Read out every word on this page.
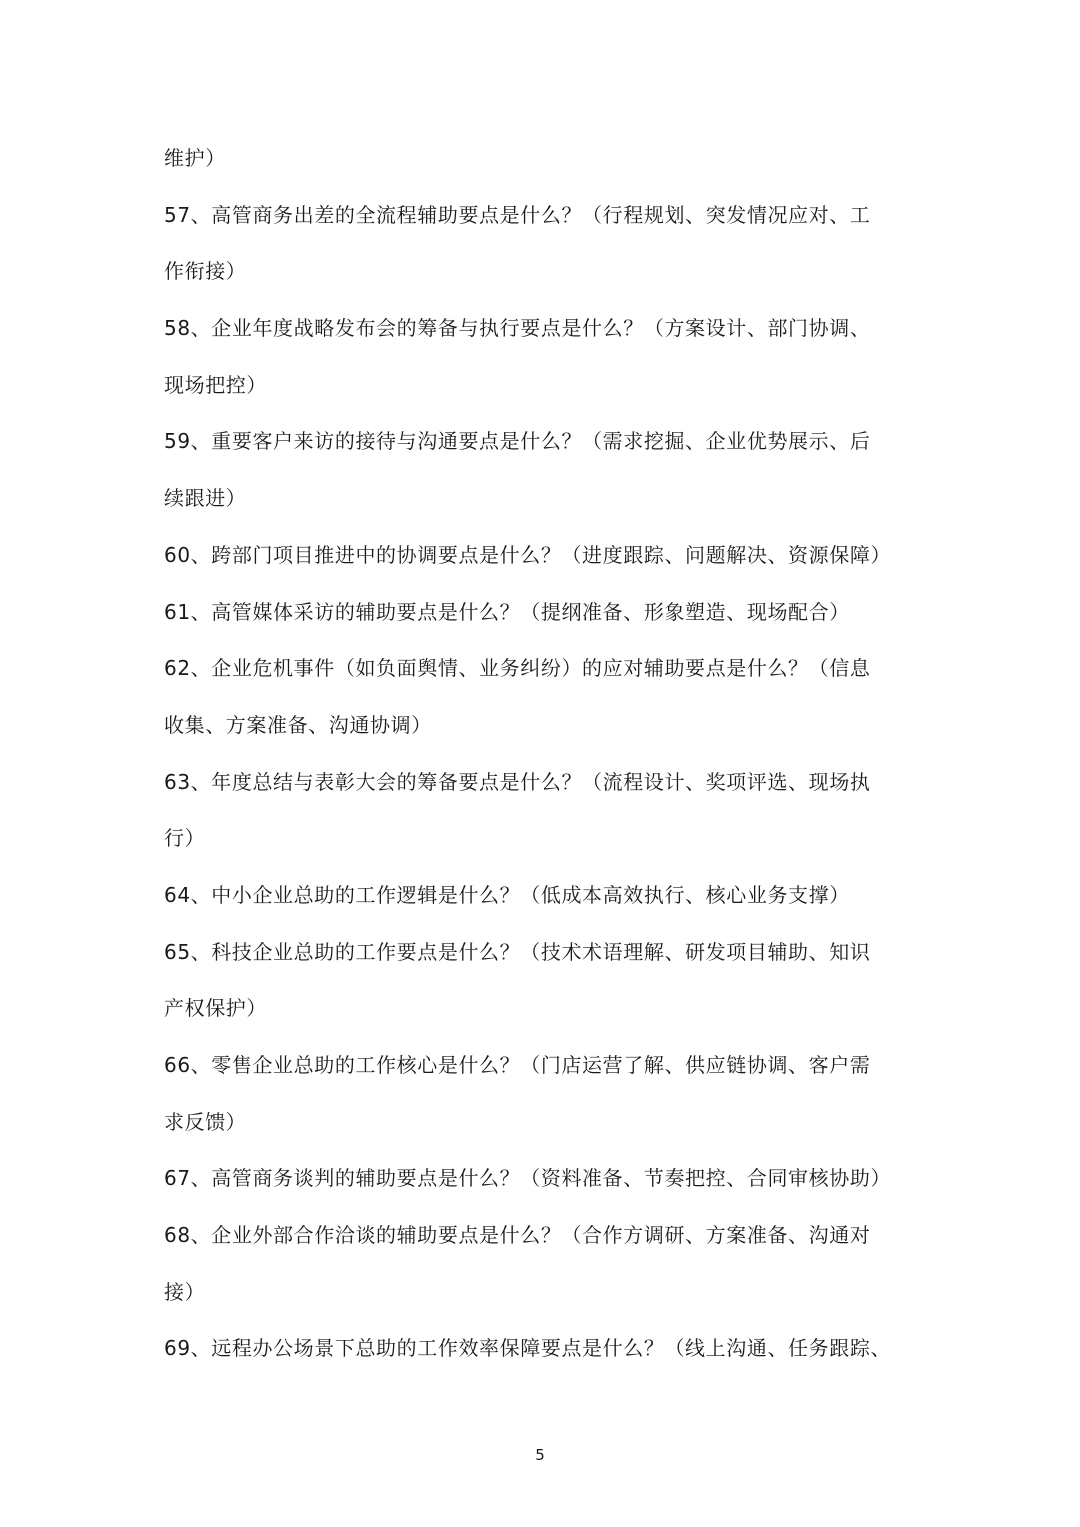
维护）
57、高管商务出差的全流程辅助要点是什么？（行程规划、突发情况应对、工
作衔接）
58、企业年度战略发布会的筹备与执行要点是什么？（方案设计、部门协调、
现场把控）
59、重要客户来访的接待与沟通要点是什么？（需求挖掘、企业优势展示、后
续跟进）
60、跨部门项目推进中的协调要点是什么？（进度跟踪、问题解决、资源保障）
61、高管媒体采访的辅助要点是什么？（提纲准备、形象塑造、现场配合）
62、企业危机事件（如负面舆情、业务纠纷）的应对辅助要点是什么？（信息
收集、方案准备、沟通协调）
63、年度总结与表彰大会的筹备要点是什么？（流程设计、奖项评选、现场执
行）
64、中小企业总助的工作逻辑是什么？（低成本高效执行、核心业务支撑）
65、科技企业总助的工作要点是什么？（技术术语理解、研发项目辅助、知识
产权保护）
66、零售企业总助的工作核心是什么？（门店运营了解、供应链协调、客户需
求反馈）
67、高管商务谈判的辅助要点是什么？（资料准备、节奏把控、合同审核协助）
68、企业外部合作洽谈的辅助要点是什么？（合作方调研、方案准备、沟通对
接）
69、远程办公场景下总助的工作效率保障要点是什么？（线上沟通、任务跟踪、
5
